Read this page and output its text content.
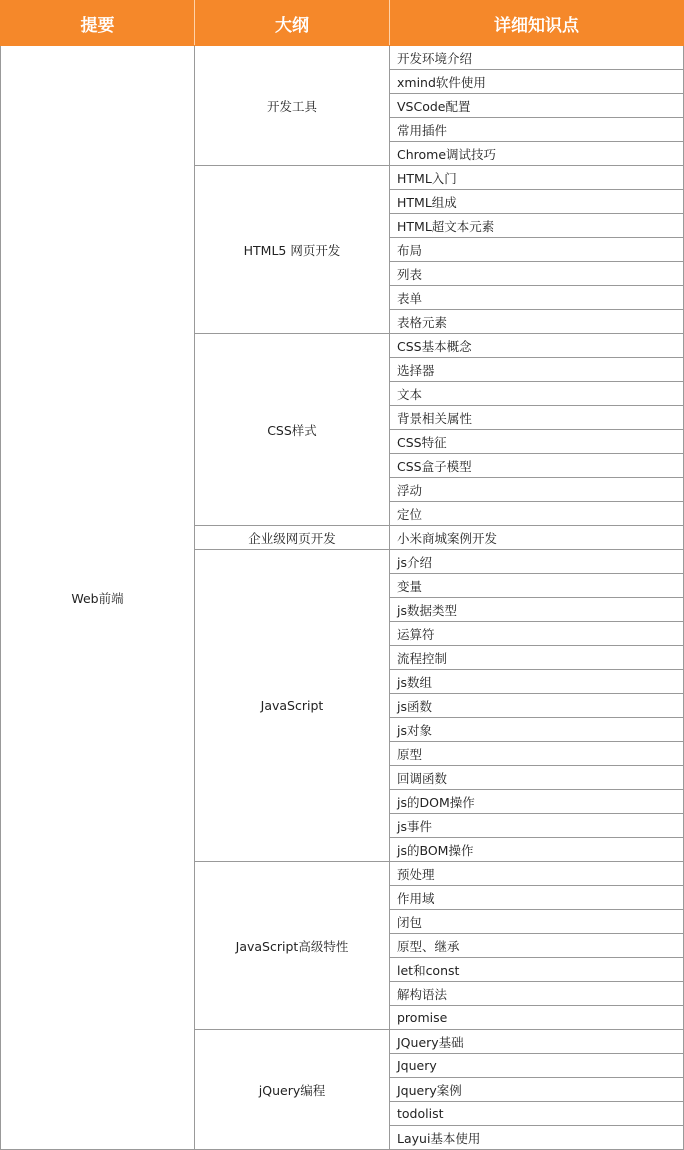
提要	大纲	详细知识点
Web前端	开发工具	开发环境介绍
		xmind软件使用
		VSCode配置
		常用插件
		Chrome调试技巧
	HTML5 网页开发	HTML入门
		HTML组成
		HTML超文本元素
		布局
		列表
		表单
		表格元素
	CSS样式	CSS基本概念
		选择器
		文本
		背景相关属性
		CSS特征
		CSS盒子模型
		浮动
		定位
	企业级网页开发	小米商城案例开发
	JavaScript	js介绍
		变量
		js数据类型
		运算符
		流程控制
		js数组
		js函数
		js对象
		原型
		回调函数
		js的DOM操作
		js事件
		js的BOM操作
	JavaScript高级特性	预处理
		作用域
		闭包
		原型、继承
		let和const
		解构语法
		promise
	jQuery编程	JQuery基础
		Jquery
		Jquery案例
		todolist
		Layui基本使用
